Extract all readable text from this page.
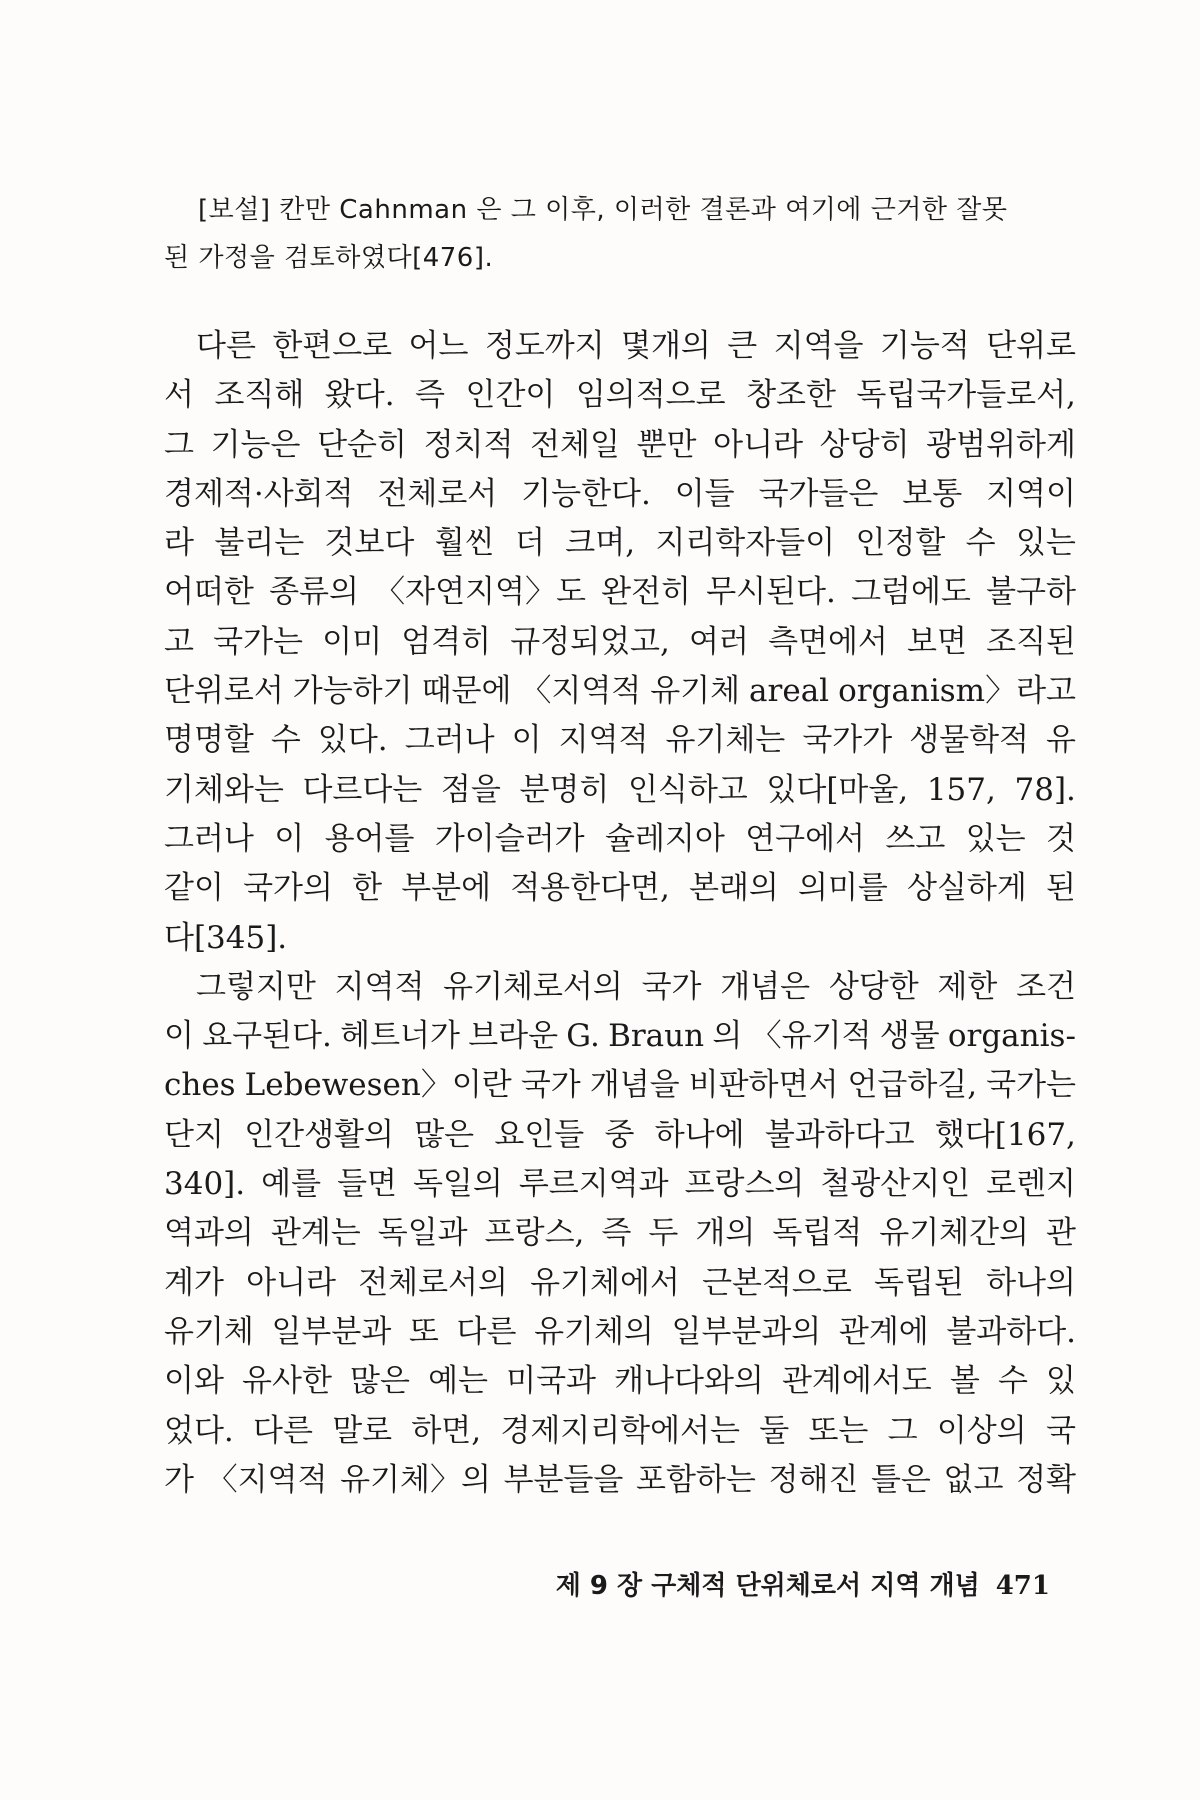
[보설] 칸만 Cahnman 은 그 이후, 이러한 결론과 여기에 근거한 잘못
된 가정을 검토하였다[476].
다른 한편으로 어느 정도까지 몇개의 큰 지역을 기능적 단위로
서 조직해 왔다. 즉 인간이 임의적으로 창조한 독립국가들로서,
그 기능은 단순히 정치적 전체일 뿐만 아니라 상당히 광범위하게
경제적·사회적 전체로서 기능한다. 이들 국가들은 보통 지역이
라 불리는 것보다 훨씬 더 크며, 지리학자들이 인정할 수 있는
어떠한 종류의 〈자연지역〉도 완전히 무시된다. 그럼에도 불구하
고 국가는 이미 엄격히 규정되었고, 여러 측면에서 보면 조직된
단위로서 가능하기 때문에 〈지역적 유기체 areal organism〉라고
명명할 수 있다. 그러나 이 지역적 유기체는 국가가 생물학적 유
기체와는 다르다는 점을 분명히 인식하고 있다[마울, 157, 78].
그러나 이 용어를 가이슬러가 슐레지아 연구에서 쓰고 있는 것
같이 국가의 한 부분에 적용한다면, 본래의 의미를 상실하게 된
다[345].
그렇지만 지역적 유기체로서의 국가 개념은 상당한 제한 조건
이 요구된다. 헤트너가 브라운 G. Braun 의 〈유기적 생물 organis-
ches Lebewesen〉이란 국가 개념을 비판하면서 언급하길, 국가는
단지 인간생활의 많은 요인들 중 하나에 불과하다고 했다[167,
340]. 예를 들면 독일의 루르지역과 프랑스의 철광산지인 로렌지
역과의 관계는 독일과 프랑스, 즉 두 개의 독립적 유기체간의 관
계가 아니라 전체로서의 유기체에서 근본적으로 독립된 하나의
유기체 일부분과 또 다른 유기체의 일부분과의 관계에 불과하다.
이와 유사한 많은 예는 미국과 캐나다와의 관계에서도 볼 수 있
었다. 다른 말로 하면, 경제지리학에서는 둘 또는 그 이상의 국
가 〈지역적 유기체〉의 부분들을 포함하는 정해진 틀은 없고 정확
제 9 장 구체적 단위체로서 지역 개념 471
